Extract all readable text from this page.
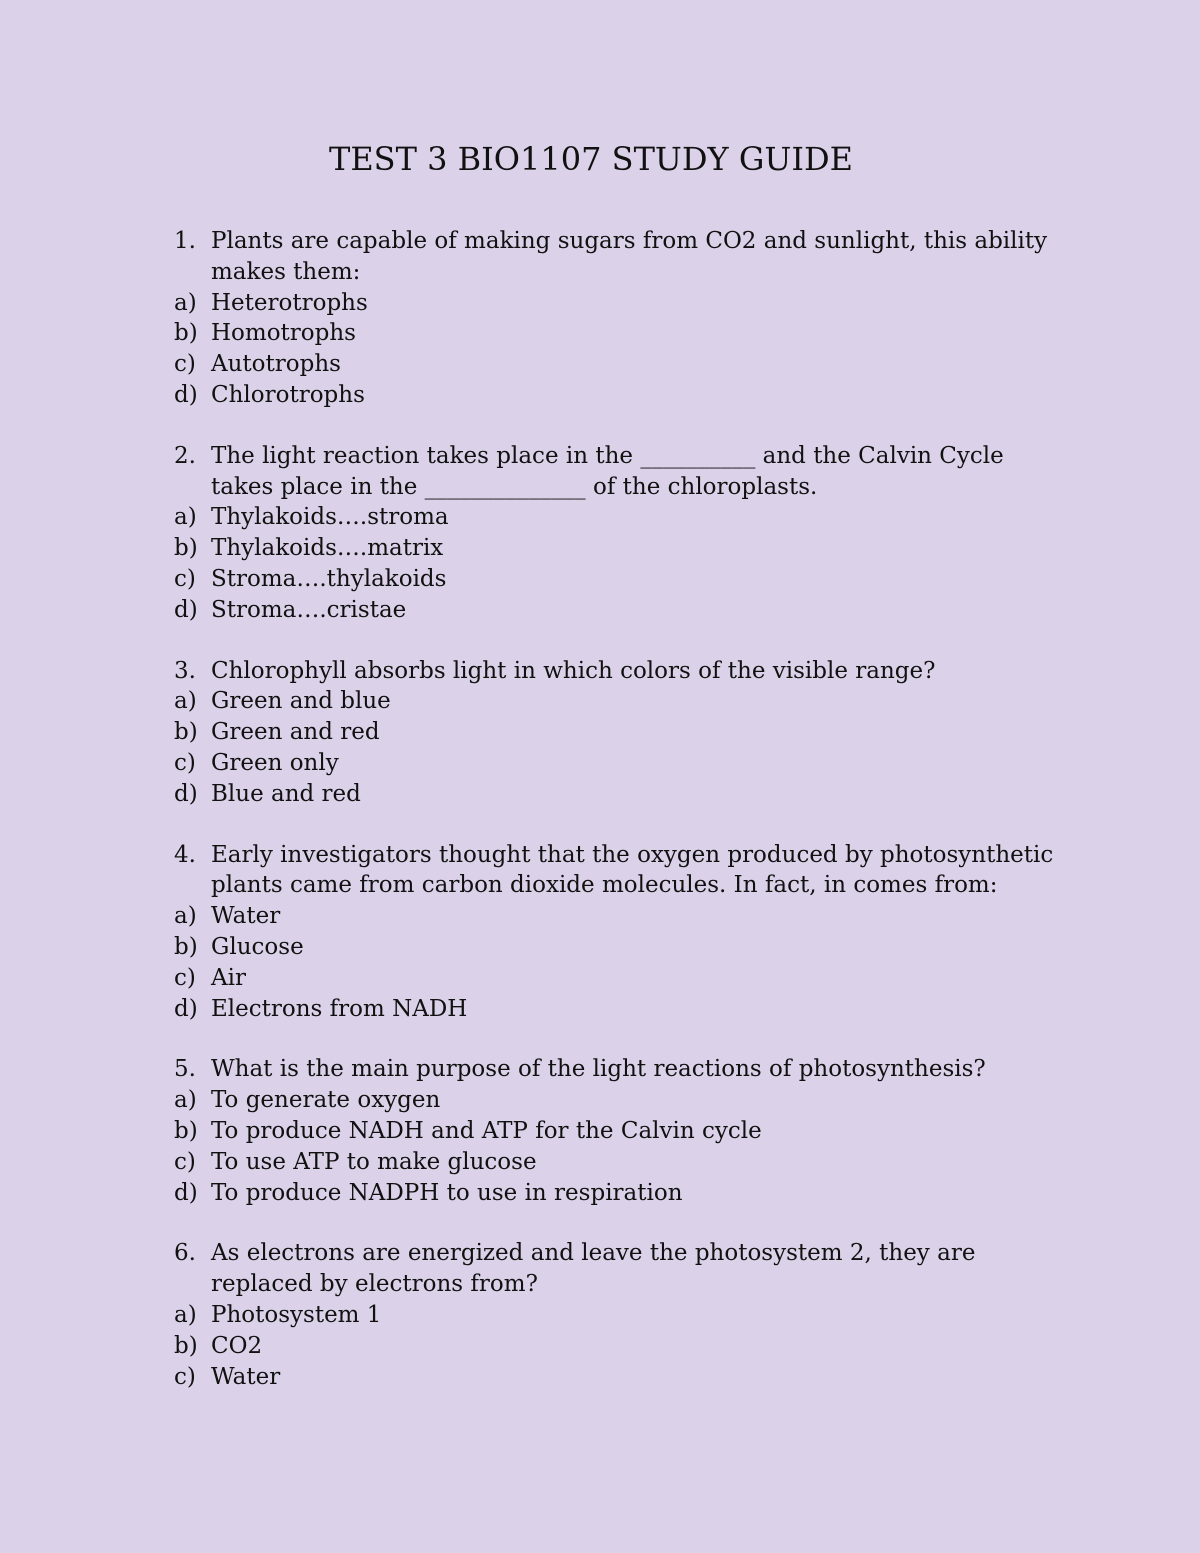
TEST 3 BIO1107 STUDY GUIDE
1. Plants are capable of making sugars from CO2 and sunlight, this ability makes them:
a) Heterotrophs
b) Homotrophs
c) Autotrophs
d) Chlorotrophs
2. The light reaction takes place in the __________ and the Calvin Cycle takes place in the ______________ of the chloroplasts.
a) Thylakoids….stroma
b) Thylakoids….matrix
c) Stroma….thylakoids
d) Stroma….cristae
3. Chlorophyll absorbs light in which colors of the visible range?
a) Green and blue
b) Green and red
c) Green only
d) Blue and red
4. Early investigators thought that the oxygen produced by photosynthetic plants came from carbon dioxide molecules. In fact, in comes from:
a) Water
b) Glucose
c) Air
d) Electrons from NADH
5. What is the main purpose of the light reactions of photosynthesis?
a) To generate oxygen
b) To produce NADH and ATP for the Calvin cycle
c) To use ATP to make glucose
d) To produce NADPH to use in respiration
6. As electrons are energized and leave the photosystem 2, they are replaced by electrons from?
a) Photosystem 1
b) CO2
c) Water
